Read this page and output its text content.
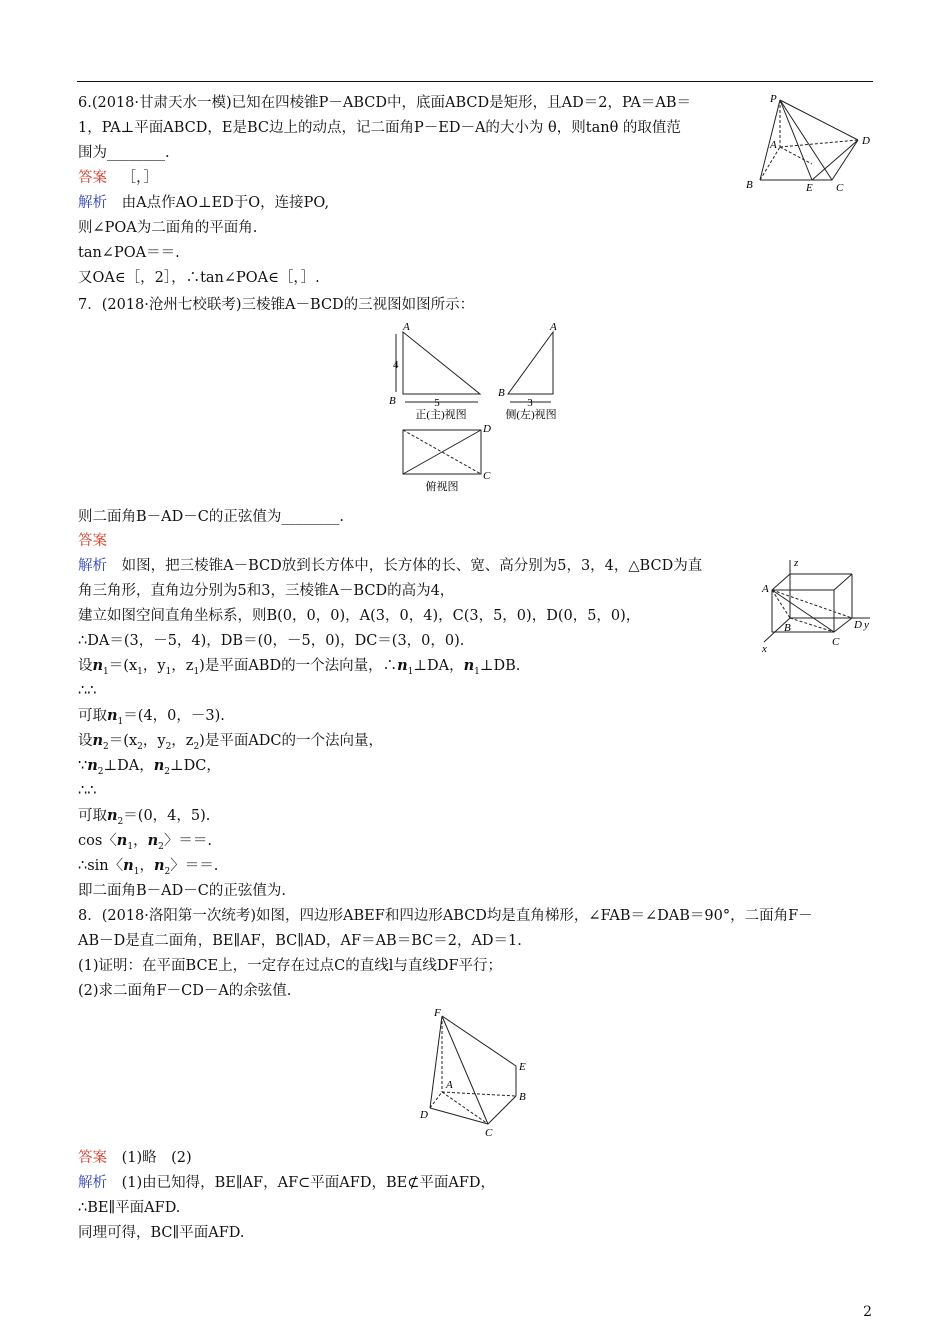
6.(2018·甘肃天水一模)已知在四棱锥P－ABCD中，底面ABCD是矩形，且AD＝2，PA＝AB＝
1，PA⊥平面ABCD，E是BC边上的动点，记二面角P－ED－A的大小为 θ，则tanθ 的取值范
围为________.
答案 ［，］
解析 由A点作AO⊥ED于O，连接PO,
则∠POA为二面角的平面角.
tan∠POA＝＝.
又OA∈［，2］，∴tan∠POA∈［，］.
P
A
B	C
D
E
7．(2018·沧州七校联考)三棱锥A－BCD的三视图如图所示：
A
B
A
B
D
C
4
5	3
正(主)视图	侧(左)视图
俯视图
则二面角B－AD－C的正弦值为________.
答案
解析 如图，把三棱锥A－BCD放到长方体中，长方体的长、宽、高分别为5，3，4，△BCD为直
角三角形，直角边分别为5和3，三棱锥A－BCD的高为4，
建立如图空间直角坐标系，则B(0，0，0)，A(3，0，4)，C(3，5，0)，D(0，5，0)，
∴DA＝(3，－5，4)，DB＝(0，－5，0)，DC＝(3，0，0).
设$n_1=(x_1$，$y_1$，$z_1$)是平面ABD的一个法向量，$\therefore n_1\perp DA$，$n_1\perp DB$.
∴∴
可取$n_1=(4$，0，－3).
设$n_2=(x_2$，$y_2$，$z_2$)是平面ADC的一个法向量，
$\because n_2\perp DA$，$n_2\perp DC$，
∴∴
可取$n_2=(0$，4，5).
cos〈$n_1$，$n_2$〉＝＝.
∴sin〈$n_1$，$n_2$〉＝＝.
即二面角B－AD－C的正弦值为.
z
y
x
A
B
C
D
8．(2018·洛阳第一次统考)如图，四边形ABEF和四边形ABCD均是直角梯形，∠FAB＝∠DAB＝90°，二面角F－
AB－D是直二面角，BE∥AF，BC∥AD，AF＝AB＝BC＝2，AD＝1.
(1)证明：在平面BCE上，一定存在过点C的直线l与直线DF平行；
(2)求二面角F－CD－A的余弦值.
F
A
B
C
D
E
答案 (1)略　(2)
解析 (1)由已知得，BE∥AF，AF⊂平面AFD，BE⊄平面AFD，
∴BE∥平面AFD.
同理可得，BC∥平面AFD.
2
